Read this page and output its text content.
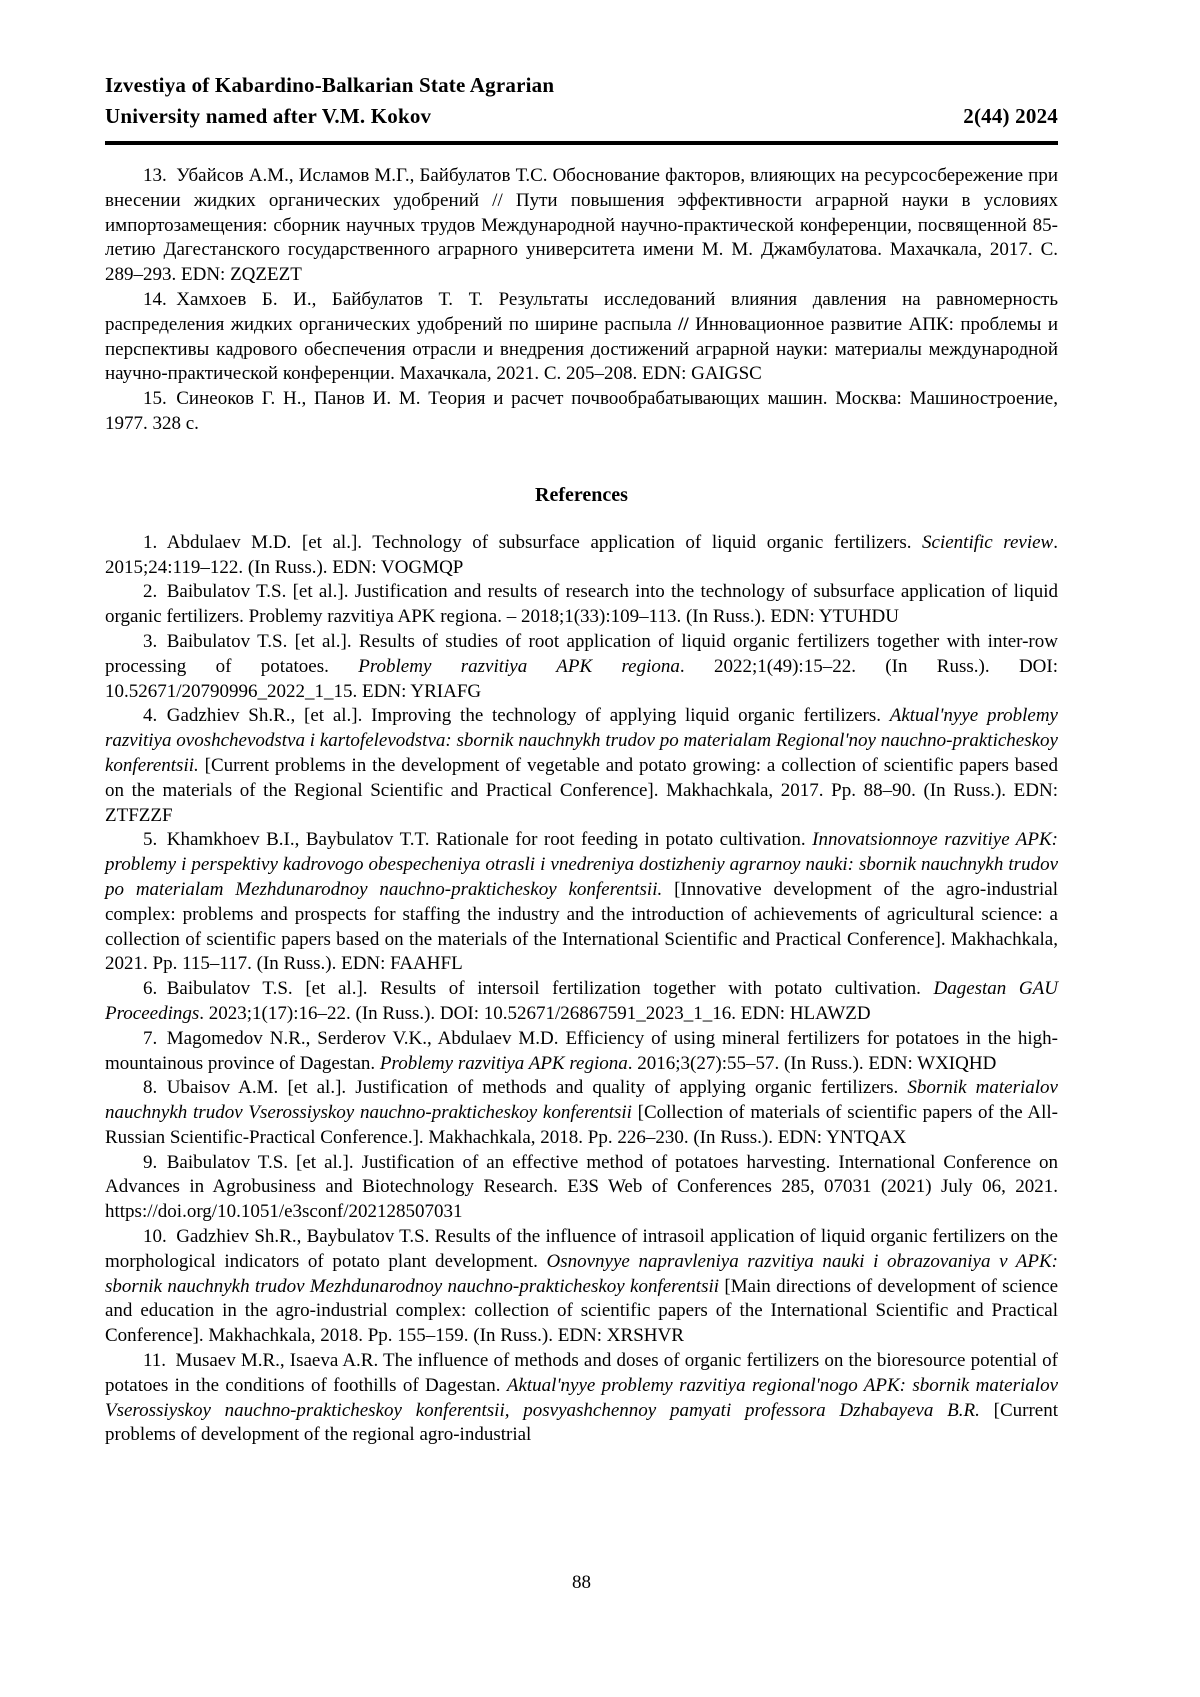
Izvestiya of Kabardino-Balkarian State Agrarian
University named after V.M. Kokov	2(44) 2024

13. Убайсов А.М., Исламов М.Г., Байбулатов Т.С. Обоснование факторов, влияющих на ресурсосбережение при внесении жидких органических удобрений // Пути повышения эффективности аграрной науки в условиях импортозамещения: сборник научных трудов Международной научно-практической конференции, посвященной 85-летию Дагестанского государственного аграрного университета имени М. М. Джамбулатова. Махачкала, 2017. С. 289–293. EDN: ZQZEZT

14. Хамхоев Б. И., Байбулатов Т. Т. Результаты исследований влияния давления на равномерность распределения жидких органических удобрений по ширине распыла // Инновационное развитие АПК: проблемы и перспективы кадрового обеспечения отрасли и внедрения достижений аграрной науки: материалы международной научно-практической конференции. Махачкала, 2021. С. 205–208. EDN: GAIGSC

15. Синеоков Г. Н., Панов И. М. Теория и расчет почвообрабатывающих машин. Москва: Машиностроение, 1977. 328 с.

References

1. Abdulaev M.D. [et al.]. Technology of subsurface application of liquid organic fertilizers. Scientific review. 2015;24:119–122. (In Russ.). EDN: VOGMQP

2. Baibulatov T.S. [et al.]. Justification and results of research into the technology of subsurface application of liquid organic fertilizers. Problemy razvitiya APK regiona. – 2018;1(33):109–113. (In Russ.). EDN: YTUHDU

3. Baibulatov T.S. [et al.]. Results of studies of root application of liquid organic fertilizers together with inter-row processing of potatoes. Problemy razvitiya APK regiona. 2022;1(49):15–22. (In Russ.). DOI: 10.52671/20790996_2022_1_15. EDN: YRIAFG

4. Gadzhiev Sh.R., [et al.]. Improving the technology of applying liquid organic fertilizers. Aktual'nyye problemy razvitiya ovoshchevodstva i kartofelevodstva: sbornik nauchnykh trudov po materialam Regional'noy nauchno-prakticheskoy konferentsii. [Current problems in the development of vegetable and potato growing: a collection of scientific papers based on the materials of the Regional Scientific and Practical Conference]. Makhachkala, 2017. Pp. 88–90. (In Russ.). EDN: ZTFZZF

5. Khamkhoev B.I., Baybulatov T.T. Rationale for root feeding in potato cultivation. Innovatsionnoye razvitiye APK: problemy i perspektivy kadrovogo obespecheniya otrasli i vnedreniya dostizheniy agrarnoy nauki: sbornik nauchnykh trudov po materialam Mezhdunarodnoy nauchno-prakticheskoy konferentsii. [Innovative development of the agro-industrial complex: problems and prospects for staffing the industry and the introduction of achievements of agricultural science: a collection of scientific papers based on the materials of the International Scientific and Practical Conference]. Makhachkala, 2021. Pp. 115–117. (In Russ.). EDN: FAAHFL

6. Baibulatov T.S. [et al.]. Results of intersoil fertilization together with potato cultivation. Dagestan GAU Proceedings. 2023;1(17):16–22. (In Russ.). DOI: 10.52671/26867591_2023_1_16. EDN: HLAWZD

7. Magomedov N.R., Serderov V.K., Abdulaev M.D. Efficiency of using mineral fertilizers for potatoes in the high-mountainous province of Dagestan. Problemy razvitiya APK regiona. 2016;3(27):55–57. (In Russ.). EDN: WXIQHD

8. Ubaisov A.M. [et al.]. Justification of methods and quality of applying organic fertilizers. Sbornik materialov nauchnykh trudov Vserossiyskoy nauchno-prakticheskoy konferentsii [Collection of materials of scientific papers of the All-Russian Scientific-Practical Conference.]. Makhachkala, 2018. Pp. 226–230. (In Russ.). EDN: YNTQAX

9. Baibulatov T.S. [et al.]. Justification of an effective method of potatoes harvesting. International Conference on Advances in Agrobusiness and Biotechnology Research. E3S Web of Conferences 285, 07031 (2021) July 06, 2021. https://doi.org/10.1051/e3sconf/202128507031

10. Gadzhiev Sh.R., Baybulatov T.S. Results of the influence of intrasoil application of liquid organic fertilizers on the morphological indicators of potato plant development. Osnovnyye napravleniya razvitiya nauki i obrazovaniya v APK: sbornik nauchnykh trudov Mezhdunarodnoy nauchno-prakticheskoy konferentsii [Main directions of development of science and education in the agro-industrial complex: collection of scientific papers of the International Scientific and Practical Conference]. Makhachkala, 2018. Pp. 155–159. (In Russ.). EDN: XRSHVR

11. Musaev M.R., Isaeva A.R. The influence of methods and doses of organic fertilizers on the bioresource potential of potatoes in the conditions of foothills of Dagestan. Aktual'nyye problemy razvitiya regional'nogo APK: sbornik materialov Vserossiyskoy nauchno-prakticheskoy konferentsii, posvyashchennoy pamyati professora Dzhabayeva B.R. [Current problems of development of the regional agro-industrial

88
